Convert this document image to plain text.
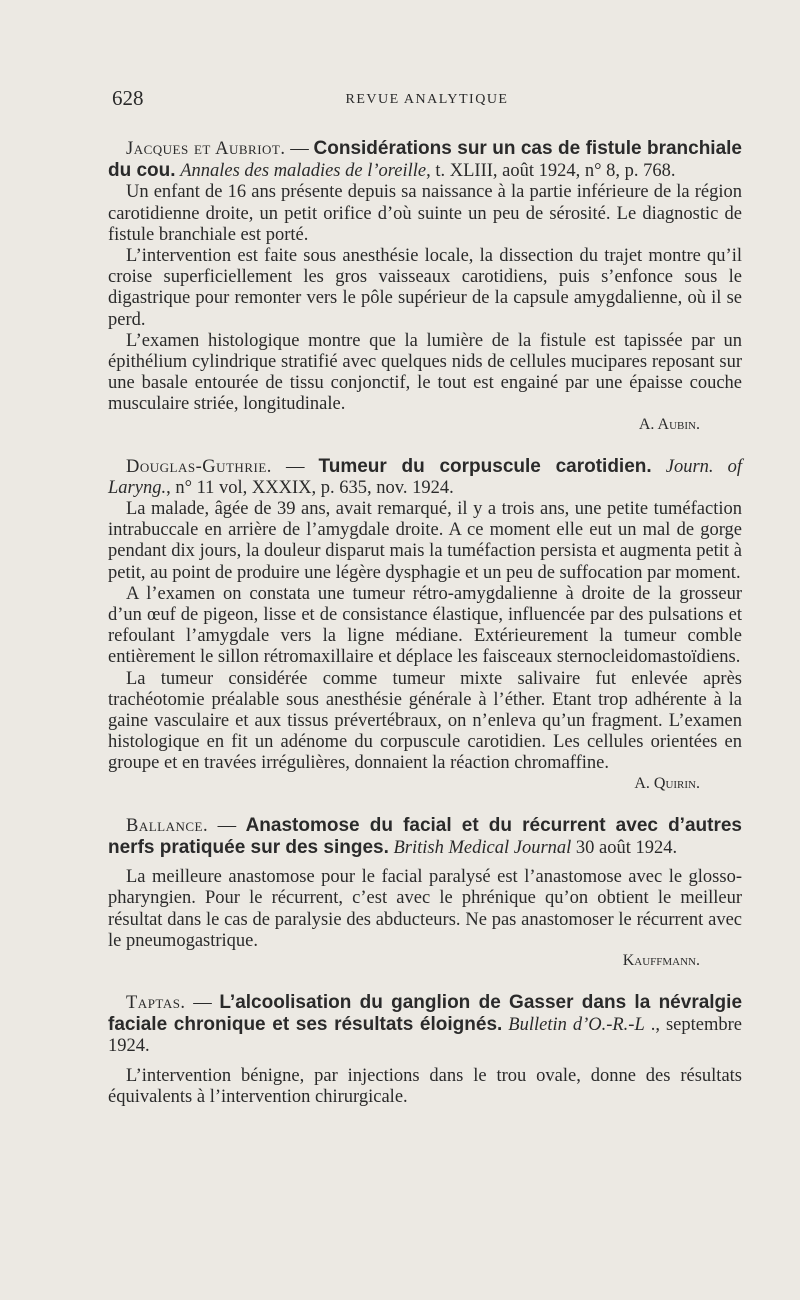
628	REVUE ANALYTIQUE

Jacques et Aubriot. — Considérations sur un cas de fistule branchiale du cou. Annales des maladies de l’oreille, t. XLIII, août 1924, n° 8, p. 768.

Un enfant de 16 ans présente depuis sa naissance à la partie inférieure de la région carotidienne droite, un petit orifice d’où suinte un peu de sérosité. Le diagnostic de fistule branchiale est porté.

L’intervention est faite sous anesthésie locale, la dissection du trajet montre qu’il croise superficiellement les gros vaisseaux carotidiens, puis s’enfonce sous le digastrique pour remonter vers le pôle supérieur de la capsule amygdalienne, où il se perd.

L’examen histologique montre que la lumière de la fistule est tapissée par un épithélium cylindrique stratifié avec quelques nids de cellules mucipares reposant sur une basale entourée de tissu conjonctif, le tout est engainé par une épaisse couche musculaire striée, longitudinale.

A. Aubin.

Douglas-Guthrie. — Tumeur du corpuscule carotidien. Journ. of Laryng., n° 11 vol, XXXIX, p. 635, nov. 1924.

La malade, âgée de 39 ans, avait remarqué, il y a trois ans, une petite tuméfaction intrabuccale en arrière de l’amygdale droite. A ce moment elle eut un mal de gorge pendant dix jours, la douleur disparut mais la tuméfaction persista et augmenta petit à petit, au point de produire une légère dysphagie et un peu de suffocation par moment.

A l’examen on constata une tumeur rétro-amygdalienne à droite de la grosseur d’un œuf de pigeon, lisse et de consistance élastique, influencée par des pulsations et refoulant l’amygdale vers la ligne médiane. Extérieurement la tumeur comble entièrement le sillon rétromaxillaire et déplace les faisceaux sternocleidomastoïdiens.

La tumeur considérée comme tumeur mixte salivaire fut enlevée après trachéotomie préalable sous anesthésie générale à l’éther. Etant trop adhérente à la gaine vasculaire et aux tissus prévertébraux, on n’enleva qu’un fragment. L’examen histologique en fit un adénome du corpuscule carotidien. Les cellules orientées en groupe et en travées irrégulières, donnaient la réaction chromaffine.

A. Quirin.

Ballance. — Anastomose du facial et du récurrent avec d’autres nerfs pratiquée sur des singes. British Medical Journal 30 août 1924.

La meilleure anastomose pour le facial paralysé est l’anastomose avec le glosso-pharyngien. Pour le récurrent, c’est avec le phrénique qu’on obtient le meilleur résultat dans le cas de paralysie des abducteurs. Ne pas anastomoser le récurrent avec le pneumogastrique.

Kauffmann.

Taptas. — L’alcoolisation du ganglion de Gasser dans la névralgie faciale chronique et ses résultats éloignés. Bulletin d’O.-R.-L ., septembre 1924.

L’intervention bénigne, par injections dans le trou ovale, donne des résultats équivalents à l’intervention chirurgicale.
